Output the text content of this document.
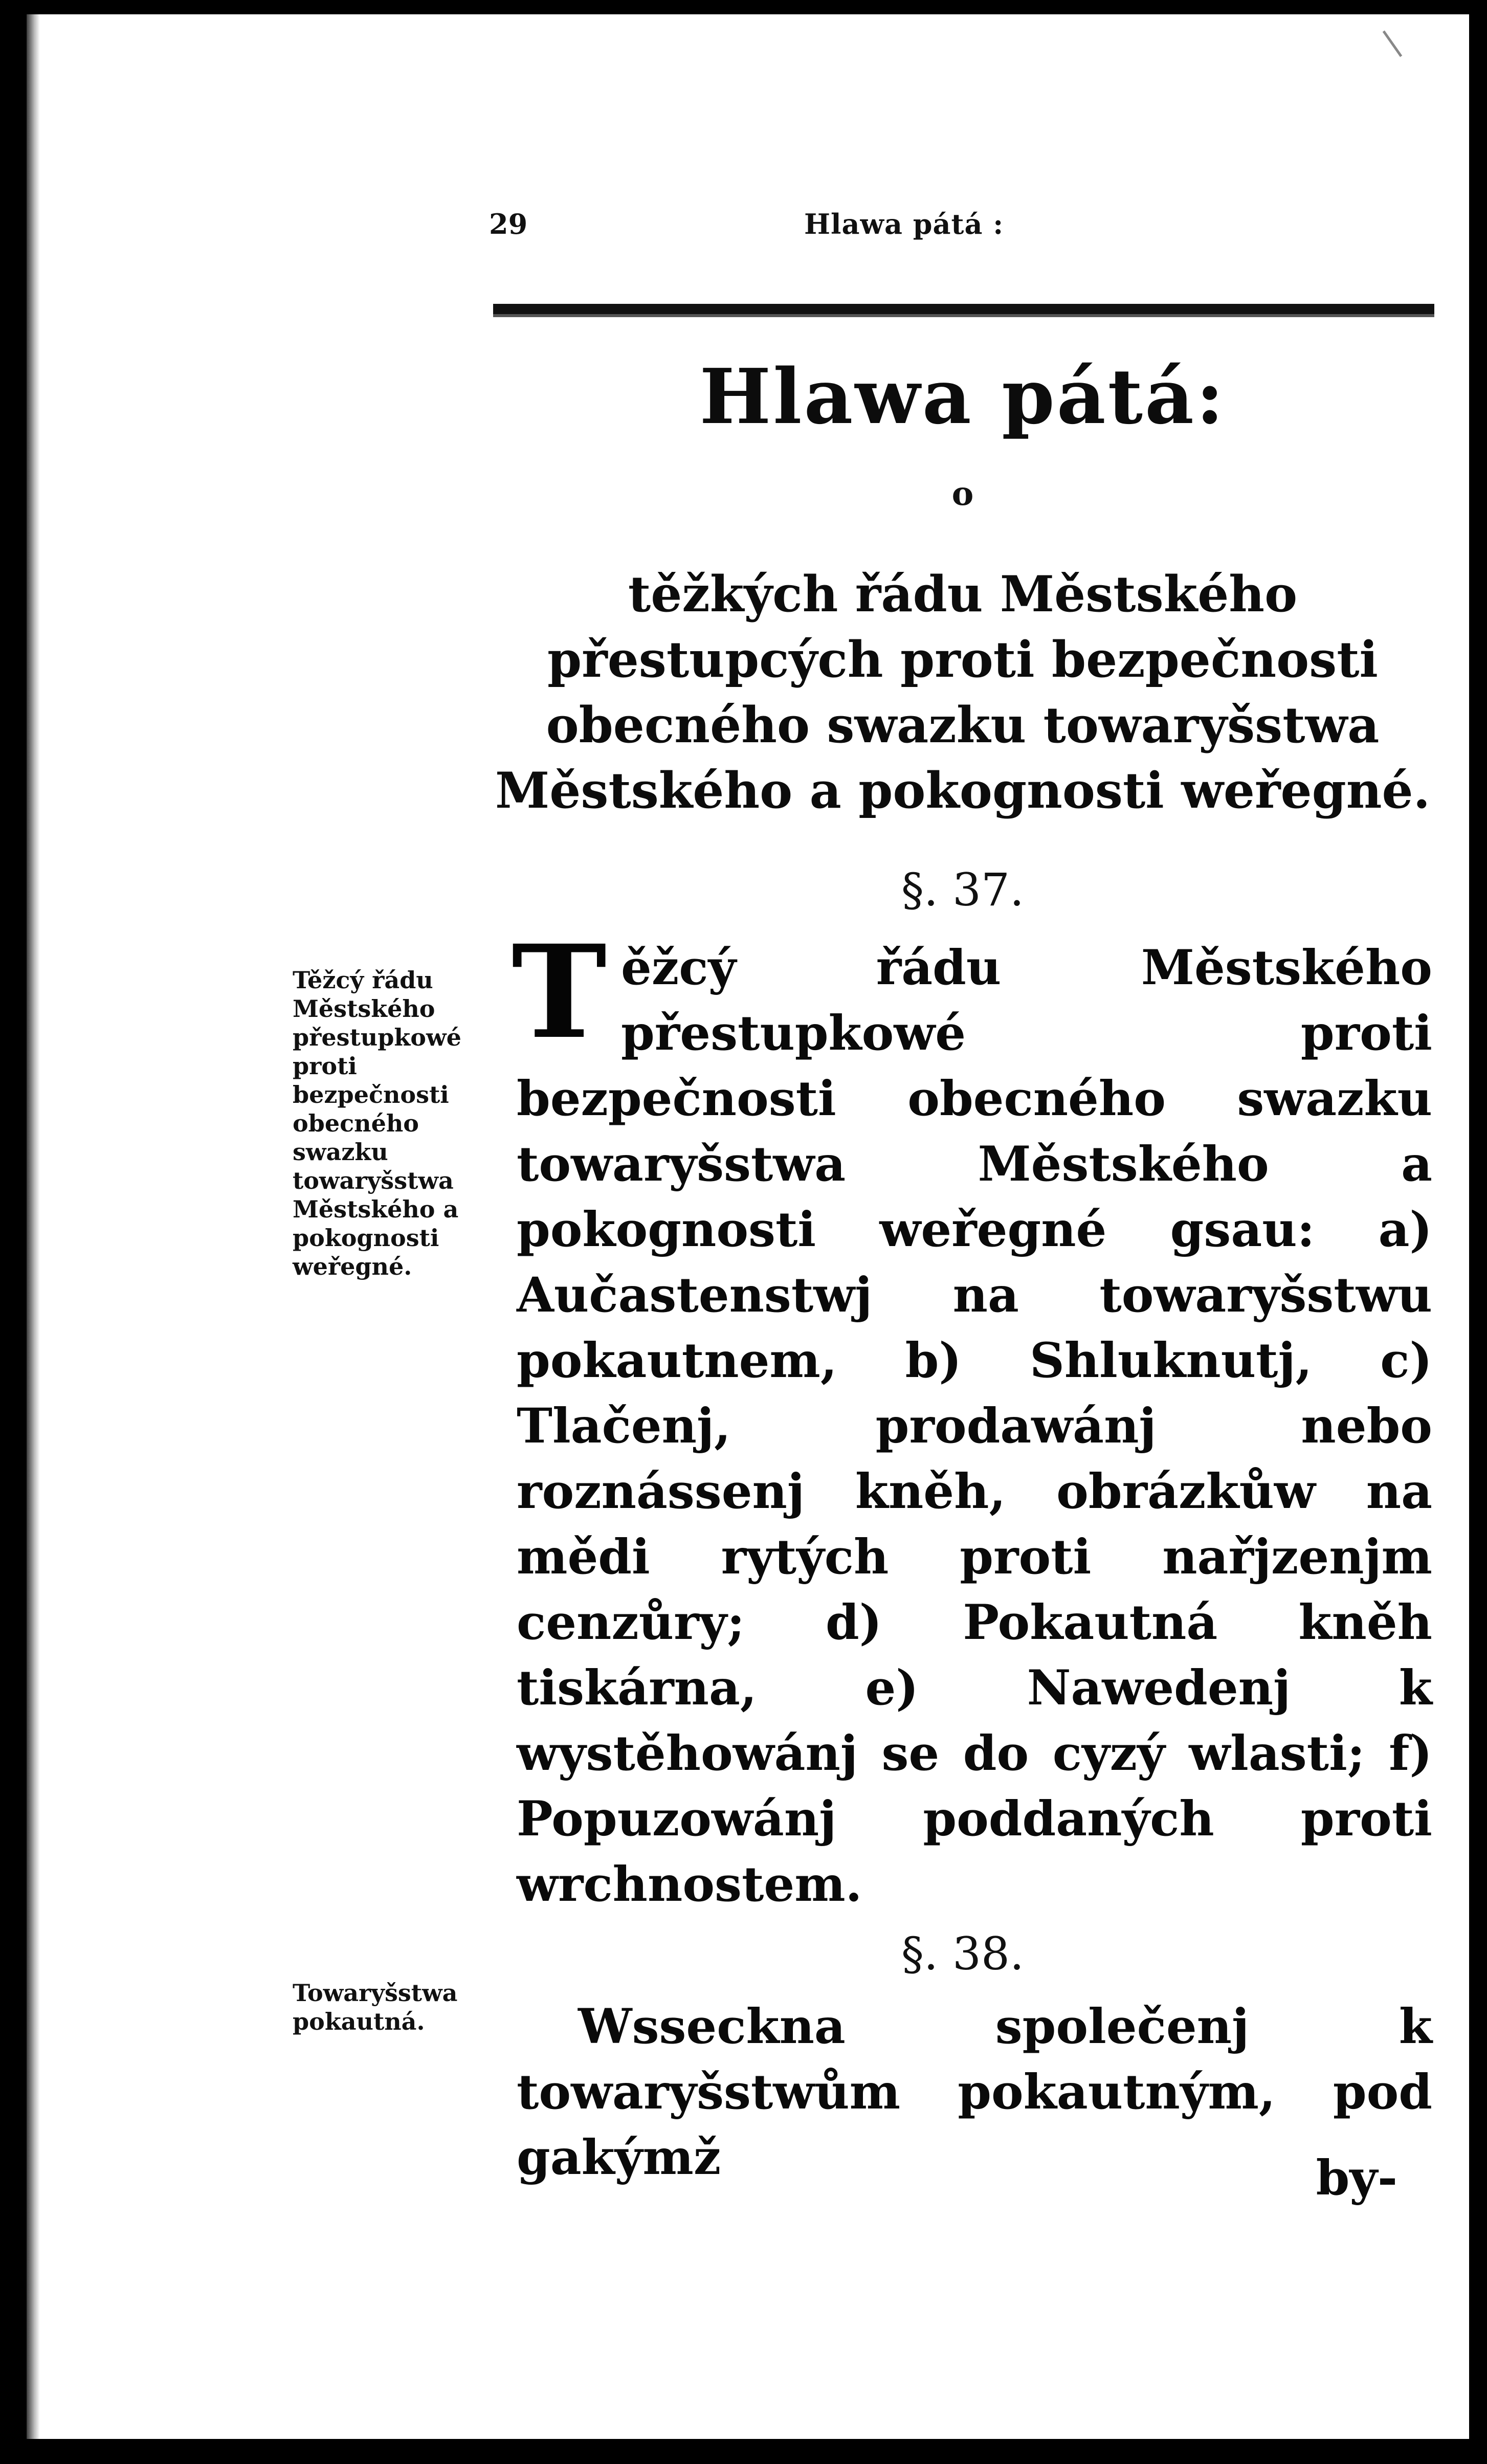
29	Hlawa pátá :
Hlawa pátá:
o
těžkých řádu Městského přestupcých proti bezpečnosti obecného swazku towaryšstwa Městského a pokognosti weřegné.
§. 37.
Těžcý řádu Městského přestupkowé proti bezpečnosti obecného swazku towaryšstwa Městského a pokognosti weřegné.
Těžcý řádu Městského přestupkowé proti bezpečnosti obecného swazku towaryšstwa Městského a pokognosti weřegné gsau: a) Aučastenstwj na towaryšstwu pokautnem, b) Shluknutj, c) Tlačenj, prodawánj nebo roznássenj kněh, obrázkůw na mědi rytých proti nařjzenjm cenzůry; d) Pokautná kněh tiskárna, e) Nawedenj k wystěhowánj se do cyzý wlasti; f) Popuzowánj poddaných proti wrchnostem.
§. 38.
Towaryšstwa pokautná.	Wsseckna společenj k towaryšstwům pokautným, pod gakýmž	by-
